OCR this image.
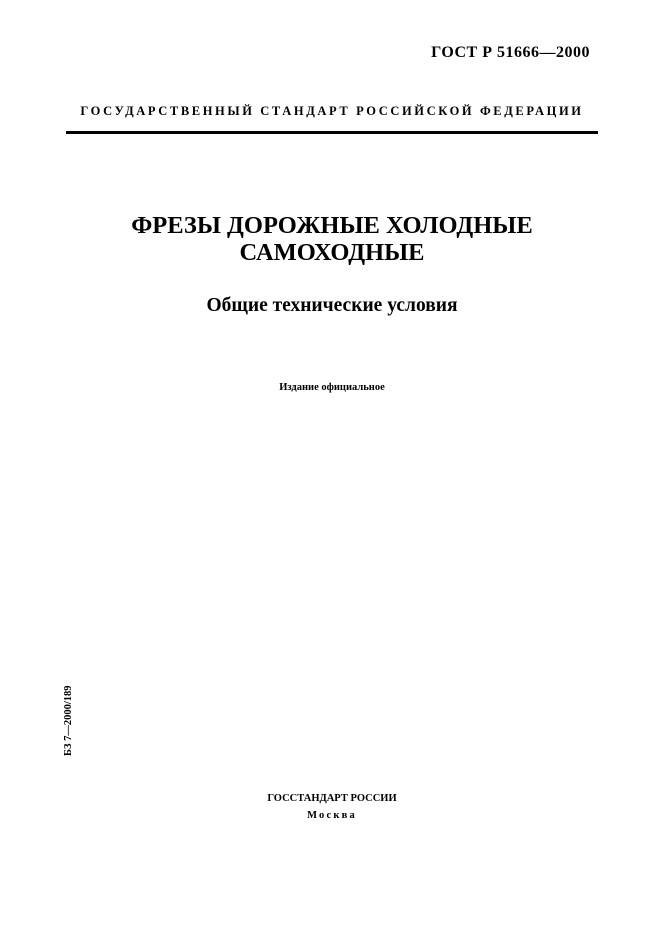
ГОСТ Р 51666—2000
ГОСУДАРСТВЕННЫЙ СТАНДАРТ РОССИЙСКОЙ ФЕДЕРАЦИИ
ФРЕЗЫ ДОРОЖНЫЕ ХОЛОДНЫЕ
САМОХОДНЫЕ
Общие технические условия
Издание официальное
БЗ 7—2000/189
ГОССТАНДАРТ РОССИИ
Москва
